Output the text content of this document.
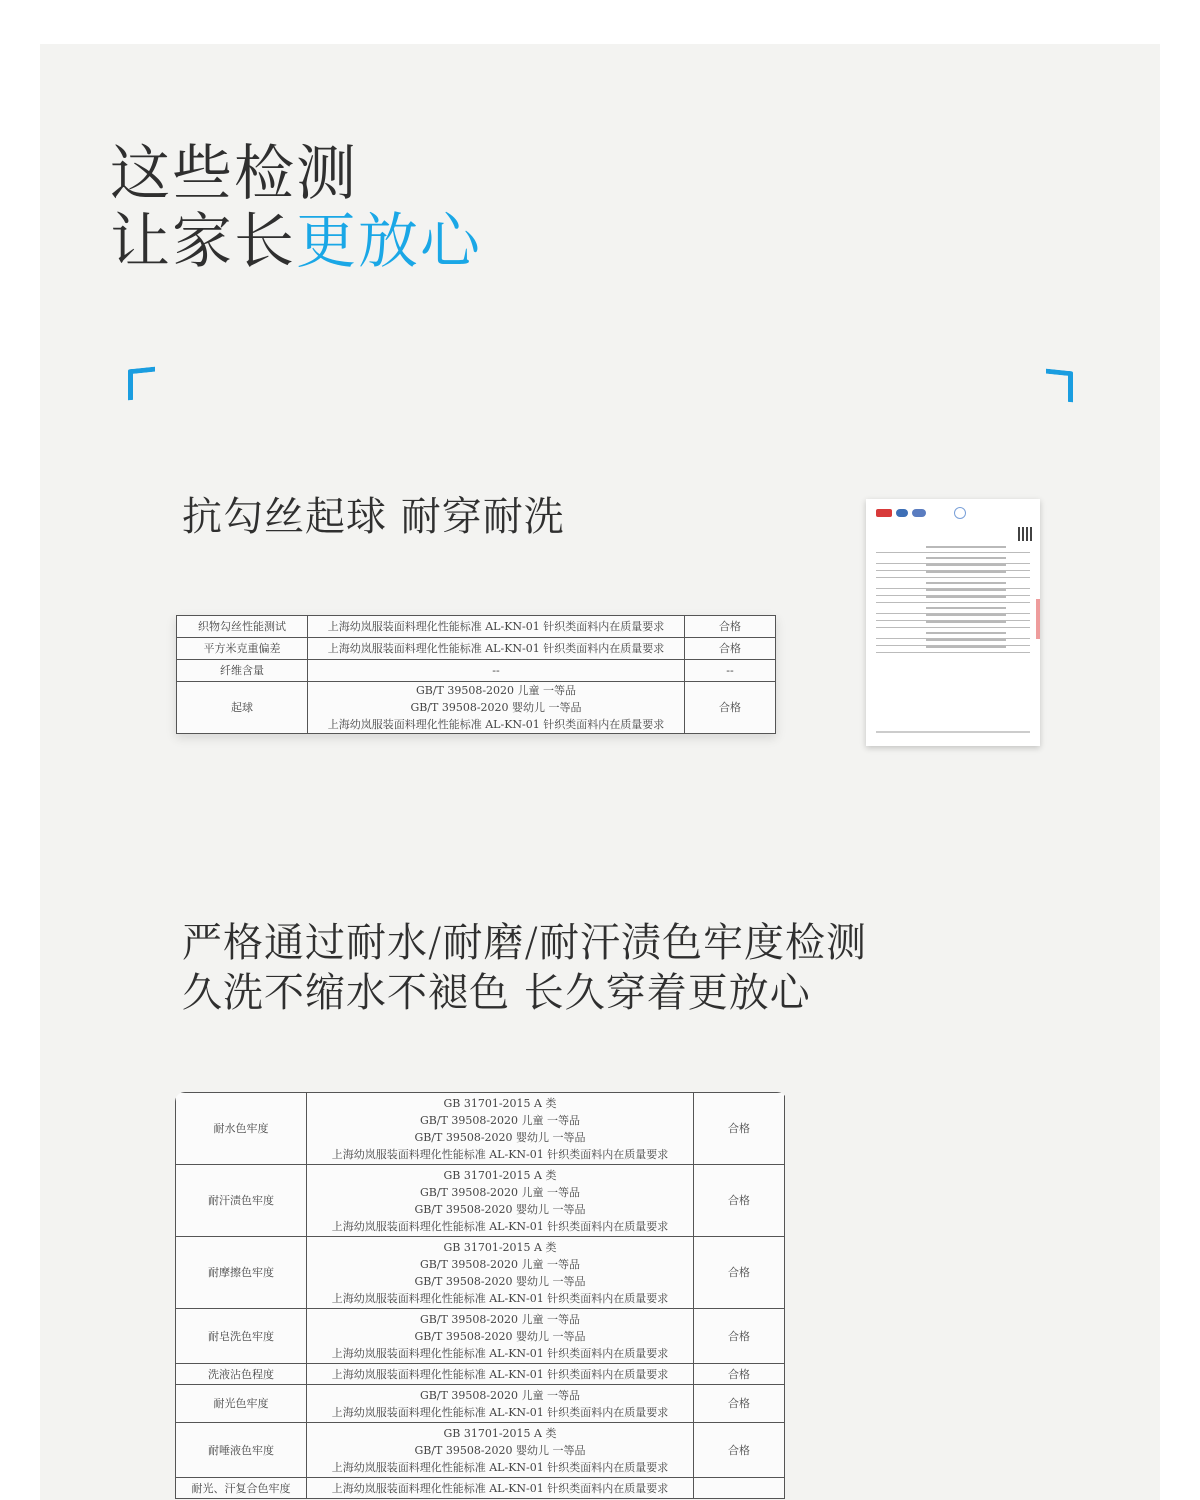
这些检测
让家长更放心
抗勾丝起球 耐穿耐洗
织物勾丝性能测试	上海幼岚服装面料理化性能标准 AL-KN-01 针织类面料内在质量要求	合格
平方米克重偏差	上海幼岚服装面料理化性能标准 AL-KN-01 针织类面料内在质量要求	合格
纤维含量	--	--
起球	GB/T 39508-2020 儿童 一等品
GB/T 39508-2020 婴幼儿 一等品
上海幼岚服装面料理化性能标准 AL-KN-01 针织类面料内在质量要求	合格
严格通过耐水/耐磨/耐汗渍色牢度检测
久洗不缩水不褪色 长久穿着更放心
耐水色牢度	GB 31701-2015 A 类
GB/T 39508-2020 儿童 一等品
GB/T 39508-2020 婴幼儿 一等品
上海幼岚服装面料理化性能标准 AL-KN-01 针织类面料内在质量要求	合格
耐汗渍色牢度	GB 31701-2015 A 类
GB/T 39508-2020 儿童 一等品
GB/T 39508-2020 婴幼儿 一等品
上海幼岚服装面料理化性能标准 AL-KN-01 针织类面料内在质量要求	合格
耐摩擦色牢度	GB 31701-2015 A 类
GB/T 39508-2020 儿童 一等品
GB/T 39508-2020 婴幼儿 一等品
上海幼岚服装面料理化性能标准 AL-KN-01 针织类面料内在质量要求	合格
耐皂洗色牢度	GB/T 39508-2020 儿童 一等品
GB/T 39508-2020 婴幼儿 一等品
上海幼岚服装面料理化性能标准 AL-KN-01 针织类面料内在质量要求	合格
洗液沾色程度	上海幼岚服装面料理化性能标准 AL-KN-01 针织类面料内在质量要求	合格
耐光色牢度	GB/T 39508-2020 儿童 一等品
上海幼岚服装面料理化性能标准 AL-KN-01 针织类面料内在质量要求	合格
耐唾液色牢度	GB 31701-2015 A 类
GB/T 39508-2020 婴幼儿 一等品
上海幼岚服装面料理化性能标准 AL-KN-01 针织类面料内在质量要求	合格
耐光、汗复合色牢度	上海幼岚服装面料理化性能标准 AL-KN-01 针织类面料内在质量要求	
